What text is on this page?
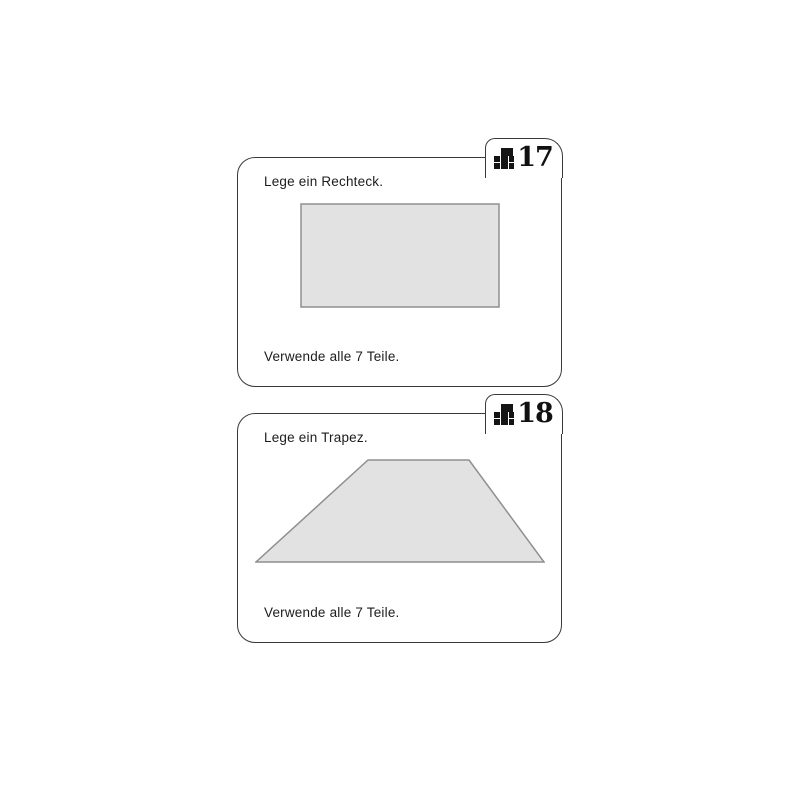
17
Lege ein Rechteck.
Verwende alle 7 Teile.
18
Lege ein Trapez.
Verwende alle 7 Teile.
